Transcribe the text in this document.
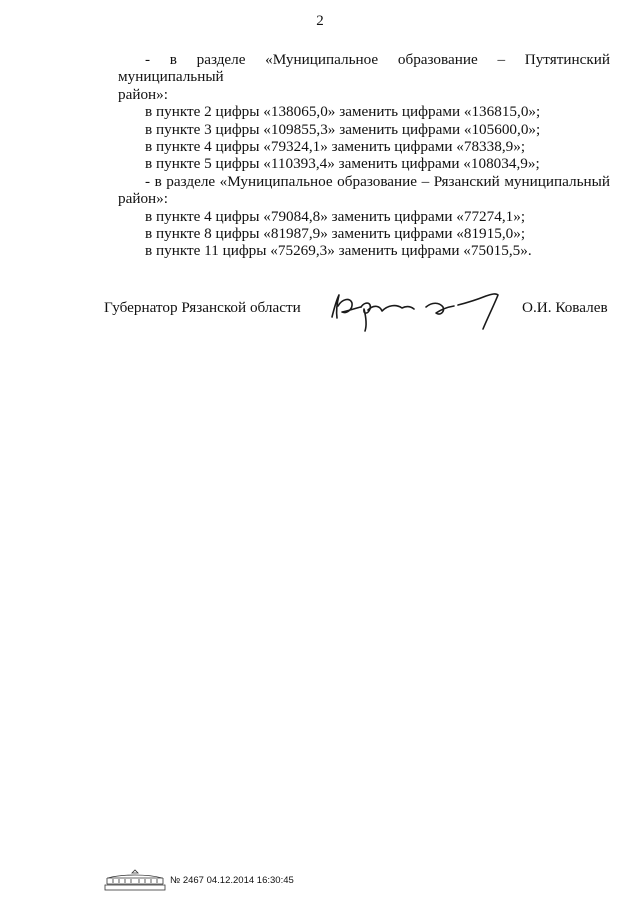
2

- в разделе «Муниципальное образование – Путятинский муниципальный

район»:

в пункте 2 цифры «138065,0» заменить цифрами «136815,0»;

в пункте 3 цифры «109855,3» заменить цифрами «105600,0»;

в пункте 4 цифры «79324,1» заменить цифрами «78338,9»;

в пункте 5 цифры «110393,4» заменить цифрами «108034,9»;

- в разделе «Муниципальное образование – Рязанский муниципальный

район»:

в пункте 4 цифры «79084,8» заменить цифрами «77274,1»;

в пункте 8 цифры «81987,9» заменить цифрами «81915,0»;

в пункте 11 цифры «75269,3» заменить цифрами «75015,5».

Губернатор Рязанской области	О.И. Ковалев
№ 2467 04.12.2014 16:30:45
